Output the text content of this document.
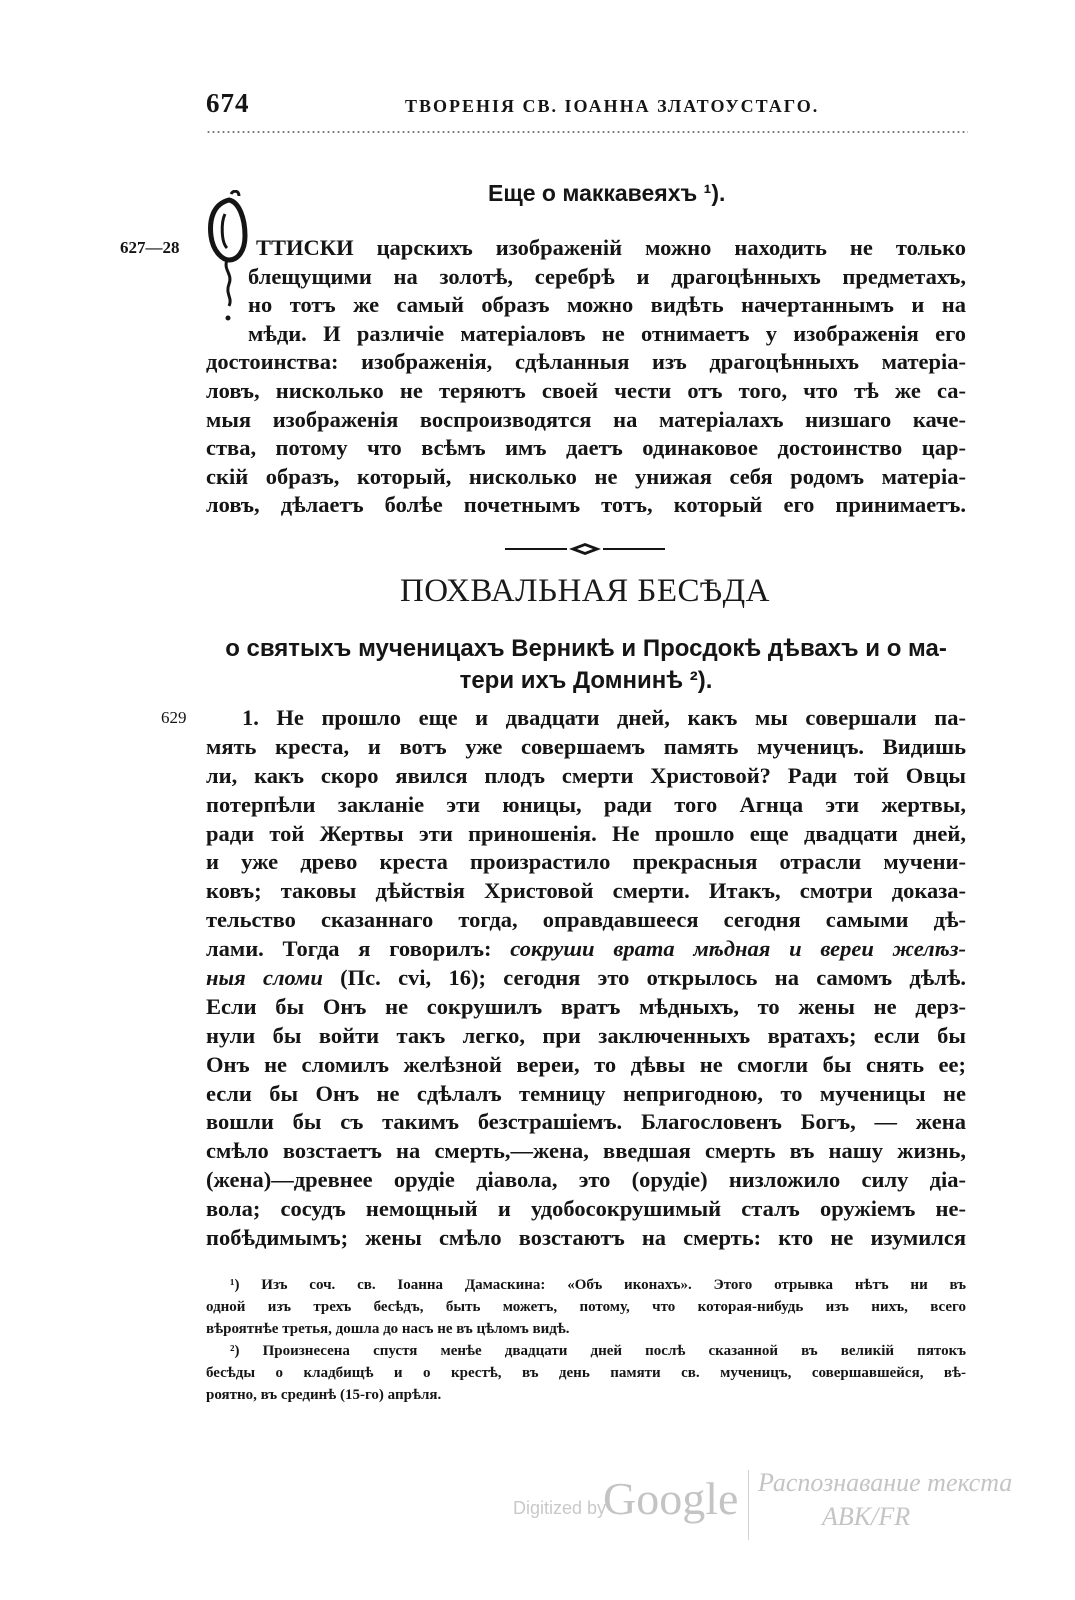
674	ТВОРЕНІЯ СВ. ІОАННА ЗЛАТОУСТАГО.
Еще о маккавеяхъ ¹).
627—28	ТТИСКИ царскихъ изображеній можно находить не только
блещущими на золотѣ, серебрѣ и драгоцѣнныхъ предметахъ,
но тотъ же самый образъ можно видѣть начертаннымъ и на
мѣди. И различіе матеріаловъ не отнимаетъ у изображенія его
достоинства: изображенія, сдѣланныя изъ драгоцѣнныхъ матеріа-
ловъ, нисколько не теряютъ своей чести отъ того, что тѣ же са-
мыя изображенія воспроизводятся на матеріалахъ низшаго каче-
ства, потому что всѣмъ имъ даетъ одинаковое достоинство цар-
скій образъ, который, нисколько не унижая себя родомъ матеріа-
ловъ, дѣлаетъ болѣе почетнымъ тотъ, который его принимаетъ.
ПОХВАЛЬНАЯ БЕСѢДА
о святыхъ мученицахъ Верникѣ и Просдокѣ дѣвахъ и о ма-
тери ихъ Домнинѣ ²).
629	1. Не прошло еще и двадцати дней, какъ мы совершали па-
мять креста, и вотъ уже совершаемъ память мученицъ. Видишь
ли, какъ скоро явился плодъ смерти Христовой? Ради той Овцы
потерпѣли закланіе эти юницы, ради того Агнца эти жертвы,
ради той Жертвы эти приношенія. Не прошло еще двадцати дней,
и уже древо креста произрастило прекрасныя отрасли мучени-
ковъ; таковы дѣйствія Христовой смерти. Итакъ, смотри доказа-
тельство сказаннаго тогда, оправдавшееся сегодня самыми дѣ-
лами. Тогда я говорилъ: сокруши врата мѣдная и вереи желѣз-
ныя сломи (Пс. cvi, 16); сегодня это открылось на самомъ дѣлѣ.
Если бы Онъ не сокрушилъ вратъ мѣдныхъ, то жены не дерз-
нули бы войти такъ легко, при заключенныхъ вратахъ; если бы
Онъ не сломилъ желѣзной вереи, то дѣвы не смогли бы снять ее;
если бы Онъ не сдѣлалъ темницу непригодною, то мученицы не
вошли бы съ такимъ безстрашіемъ. Благословенъ Богъ, — жена
смѣло возстаетъ на смерть,—жена, введшая смерть въ нашу жизнь,
(жена)—древнее орудіе діавола, это (орудіе) низложило силу діа-
вола; сосудъ немощный и удобосокрушимый сталъ оружіемъ не-
побѣдимымъ; жены смѣло возстаютъ на смерть: кто не изумился
¹) Изъ соч. св. Іоанна Дамаскина: «Объ иконахъ». Этого отрывка нѣтъ ни въ
одной изъ трехъ бесѣдъ, быть можетъ, потому, что которая-нибудь изъ нихъ, всего
вѣроятнѣе третья, дошла до насъ не въ цѣломъ видѣ.
²) Произнесена спустя менѣе двадцати дней послѣ сказанной въ великій пятокъ
бесѣды о кладбищѣ и о крестѣ, въ день памяти св. мученицъ, совершавшейся, вѣ-
роятно, въ срединѣ (15-го) апрѣля.
Digitized by
Google Распознавание текста
ABK/FR
